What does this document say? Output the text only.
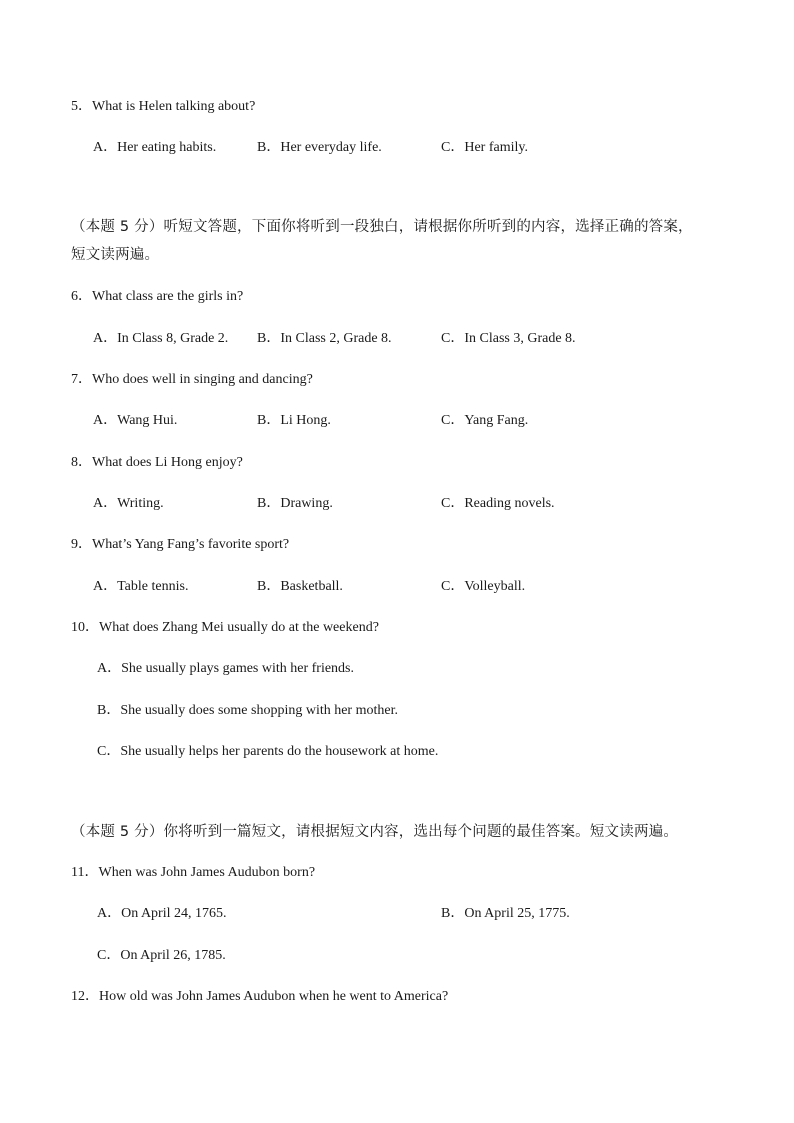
5．What is Helen talking about?
A．Her eating habits.	B．Her everyday life.	C．Her family.
（本题 5 分）听短文答题，下面你将听到一段独白，请根据你所听到的内容，选择正确的答案，
短文读两遍。
6．What class are the girls in?
A．In Class 8, Grade 2. B．In Class 2, Grade 8.	C．In Class 3, Grade 8.
7．Who does well in singing and dancing?
A．Wang Hui.	B．Li Hong.	C．Yang Fang.
8．What does Li Hong enjoy?
A．Writing.	B．Drawing.	C．Reading novels.
9．What’s Yang Fang’s favorite sport?
A．Table tennis.	B．Basketball.	C．Volleyball.
10．What does Zhang Mei usually do at the weekend?
A．She usually plays games with her friends.
B．She usually does some shopping with her mother.
C．She usually helps her parents do the housework at home.
（本题 5 分）你将听到一篇短文，请根据短文内容，选出每个问题的最佳答案。短文读两遍。
11．When was John James Audubon born?
A．On April 24, 1765.	B．On April 25, 1775.
C．On April 26, 1785.
12．How old was John James Audubon when he went to America?
